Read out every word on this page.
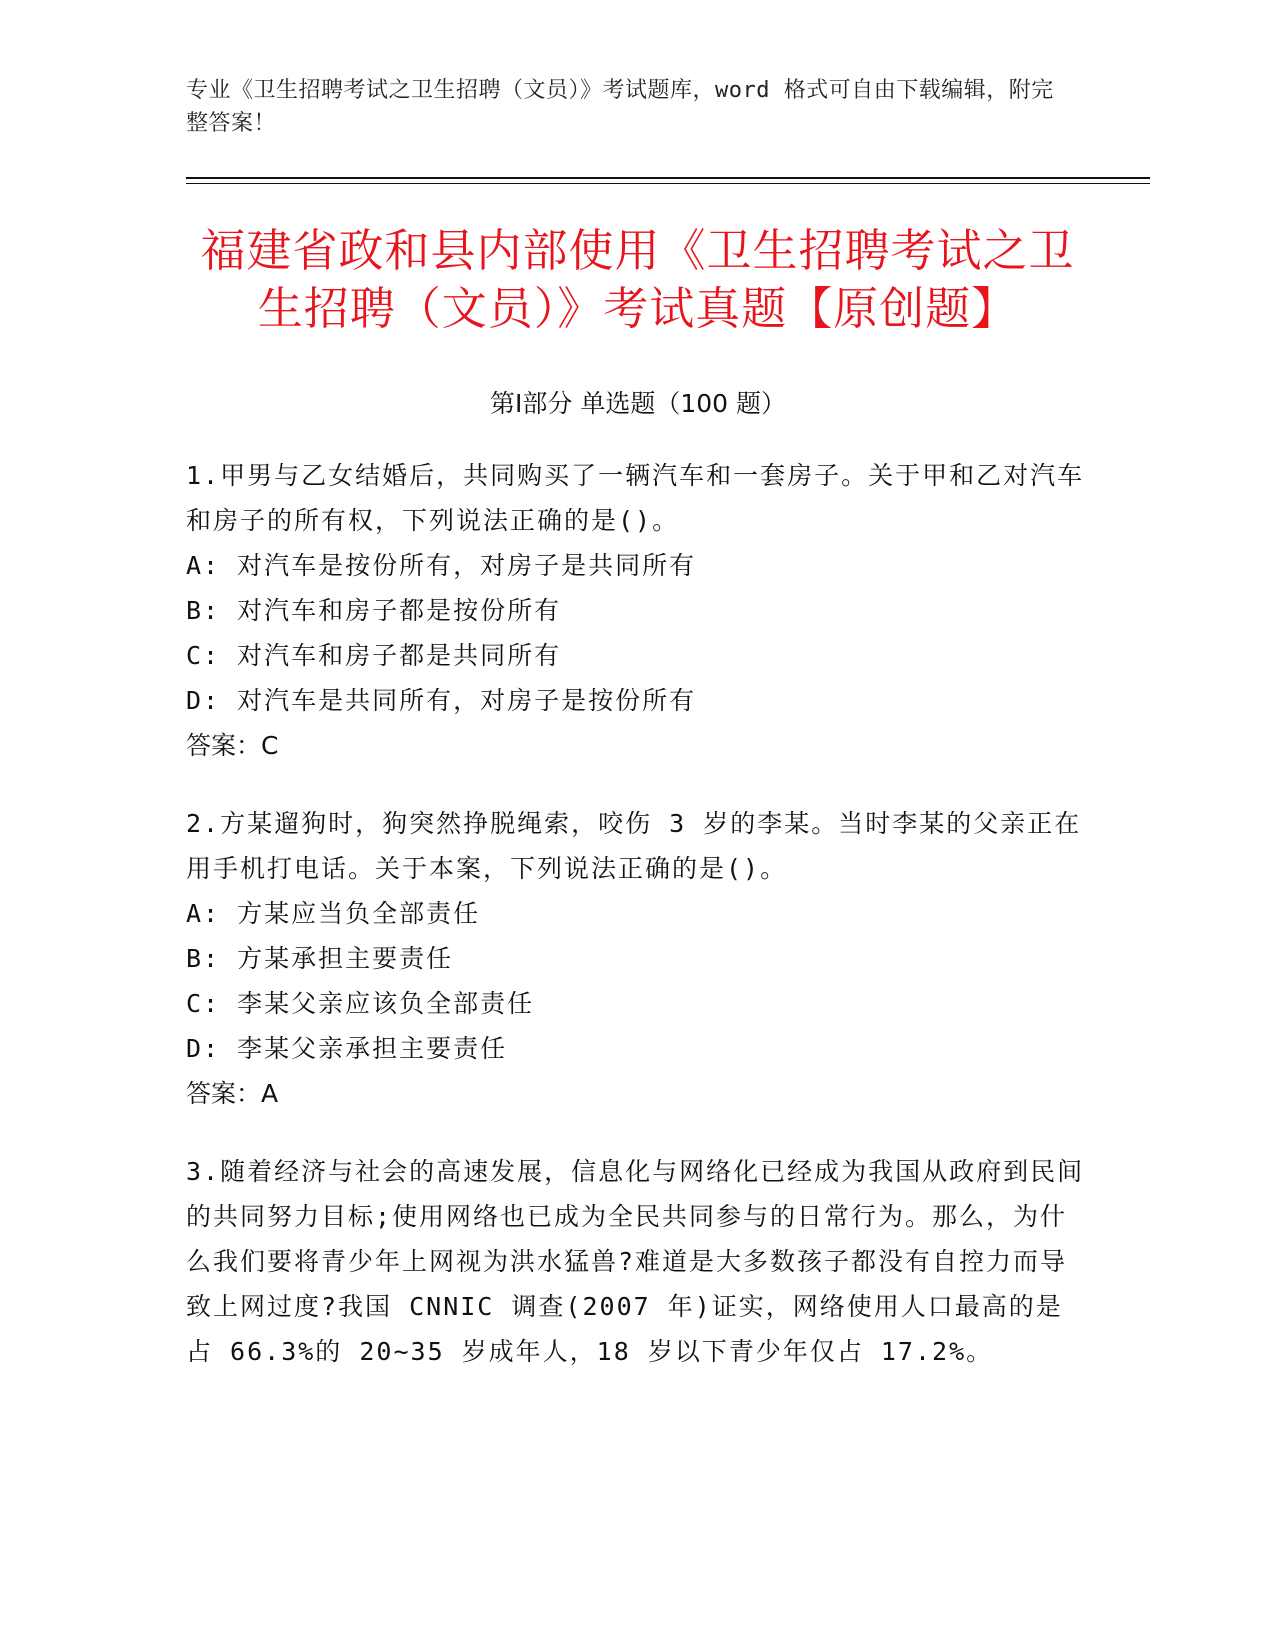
专业《卫生招聘考试之卫生招聘（文员）》考试题库，word 格式可自由下载编辑，附完整答案！
福建省政和县内部使用《卫生招聘考试之卫生招聘（文员）》考试真题【原创题】
第Ⅰ部分 单选题（100 题）

1.甲男与乙女结婚后，共同购买了一辆汽车和一套房子。关于甲和乙对汽车和房子的所有权，下列说法正确的是()。

A: 对汽车是按份所有，对房子是共同所有

B: 对汽车和房子都是按份所有

C: 对汽车和房子都是共同所有

D: 对汽车是共同所有，对房子是按份所有

答案：C

2.方某遛狗时，狗突然挣脱绳索，咬伤 3 岁的李某。当时李某的父亲正在用手机打电话。关于本案，下列说法正确的是()。

A: 方某应当负全部责任

B: 方某承担主要责任

C: 李某父亲应该负全部责任

D: 李某父亲承担主要责任

答案：A

3.随着经济与社会的高速发展，信息化与网络化已经成为我国从政府到民间的共同努力目标;使用网络也已成为全民共同参与的日常行为。那么，为什么我们要将青少年上网视为洪水猛兽?难道是大多数孩子都没有自控力而导致上网过度?我国 CNNIC 调查(2007 年)证实，网络使用人口最高的是占 66.3%的 20~35 岁成年人，18 岁以下青少年仅占 17.2%。
